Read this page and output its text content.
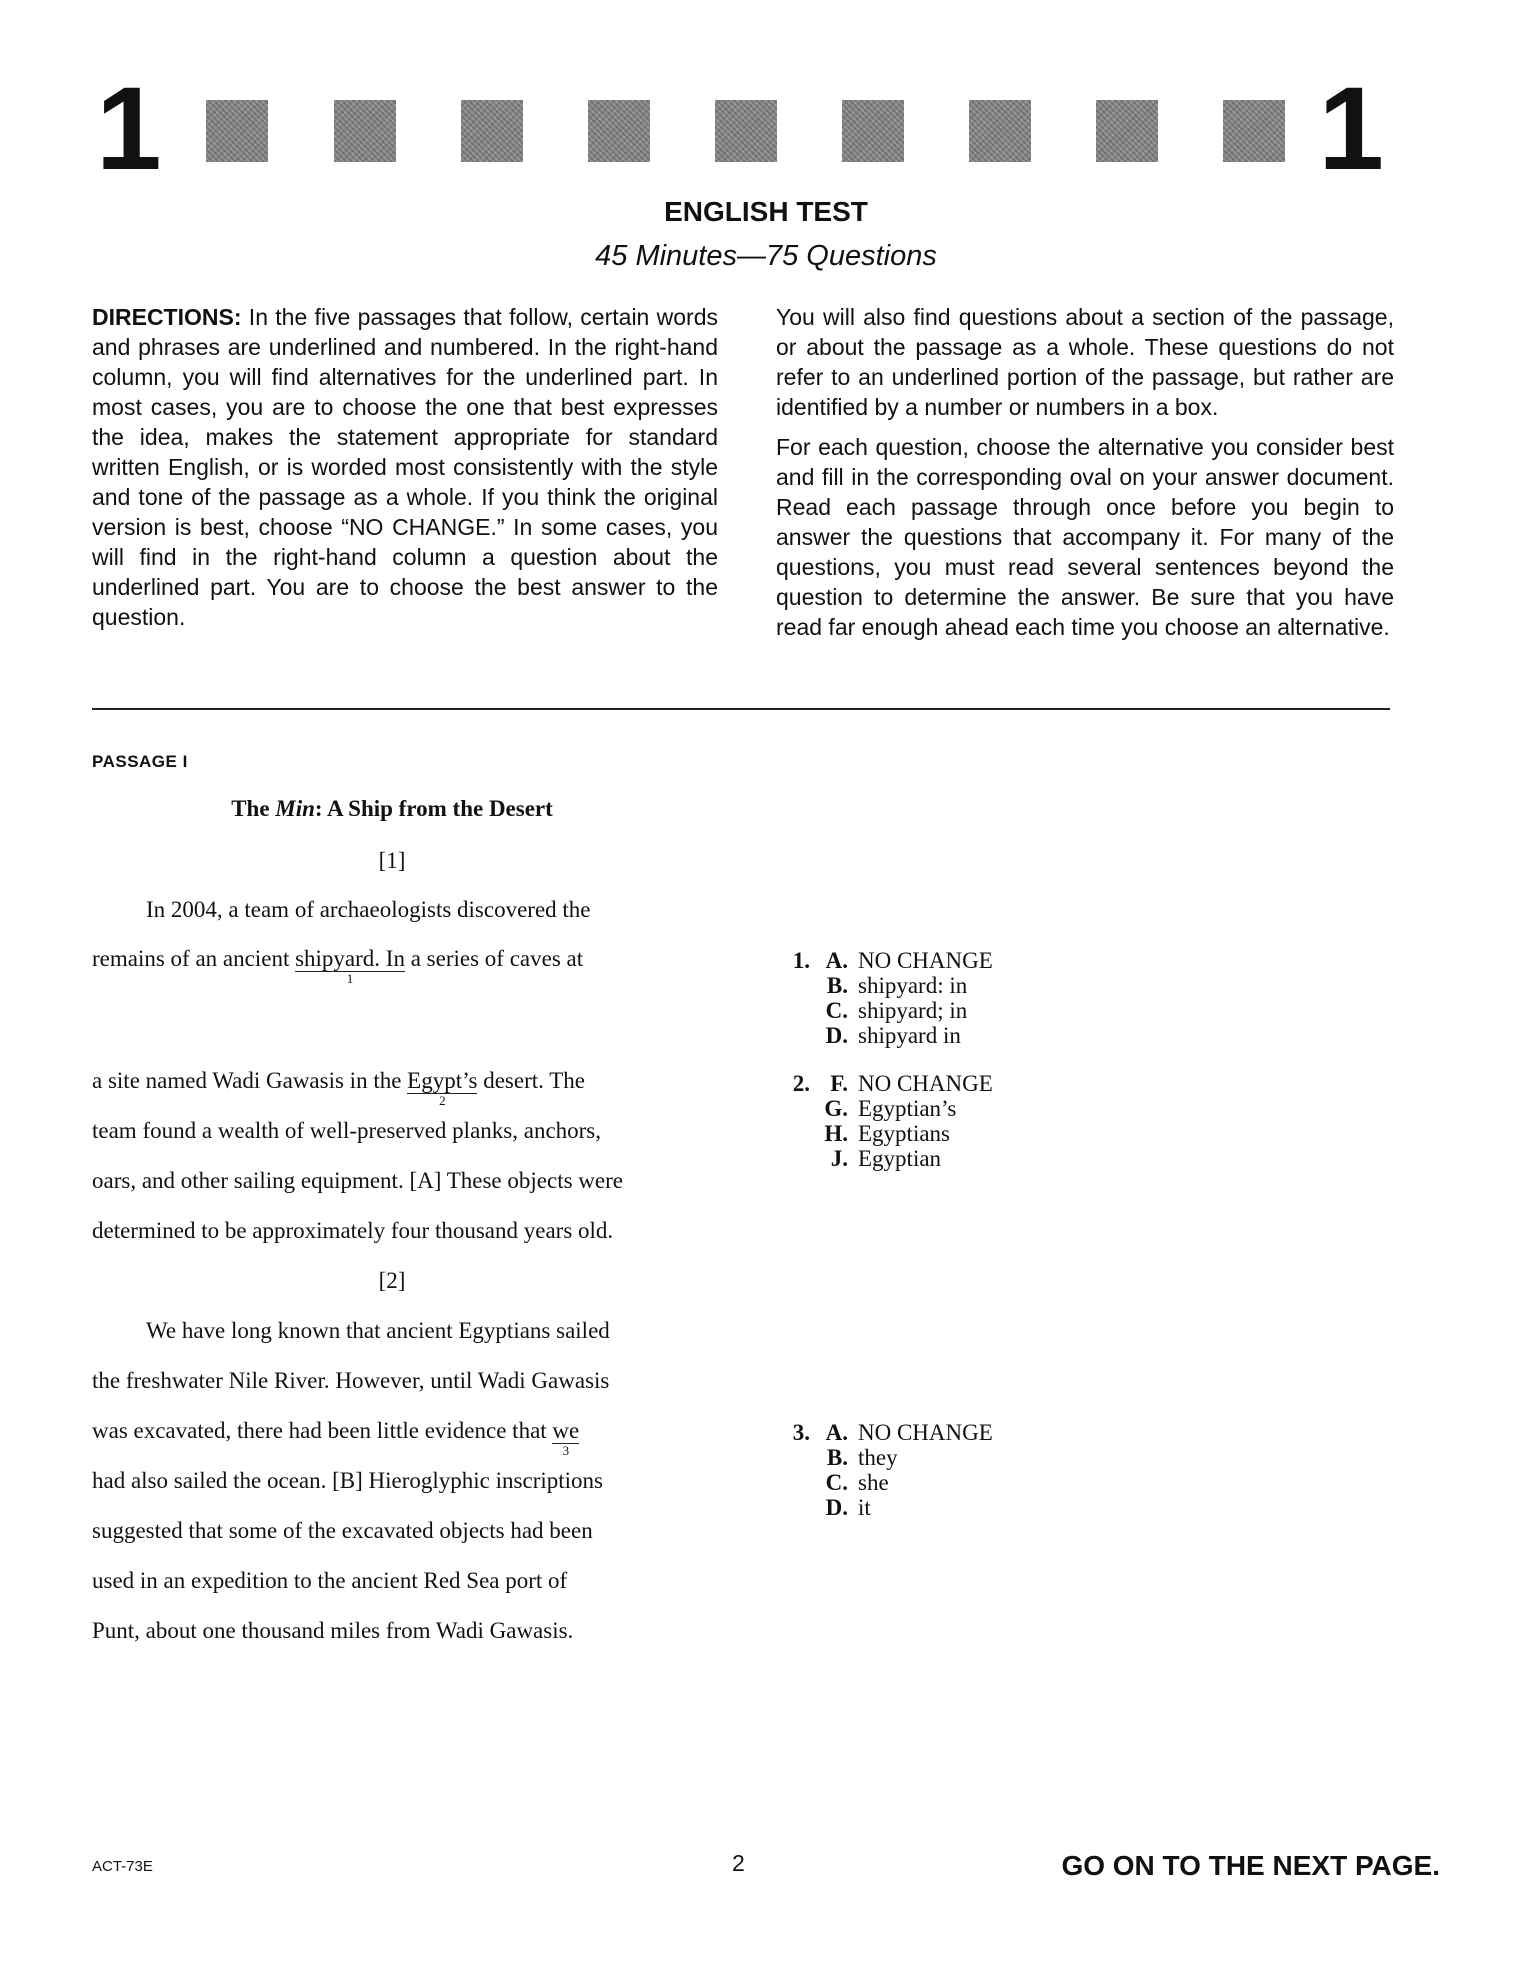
1	1
ENGLISH TEST
45 Minutes—75 Questions

DIRECTIONS: In the five passages that follow, certain words and phrases are underlined and numbered. In the right-hand column, you will find alternatives for the underlined part. In most cases, you are to choose the one that best expresses the idea, makes the statement appropriate for standard written English, or is worded most consistently with the style and tone of the passage as a whole. If you think the original version is best, choose “NO CHANGE.” In some cases, you will find in the right-hand column a question about the underlined part. You are to choose the best answer to the question.

You will also find questions about a section of the passage, or about the passage as a whole. These questions do not refer to an underlined portion of the passage, but rather are identified by a number or numbers in a box.

For each question, choose the alternative you consider best and fill in the corresponding oval on your answer document. Read each passage through once before you begin to answer the questions that accompany it. For many of the questions, you must read several sentences beyond the question to determine the answer. Be sure that you have read far enough ahead each time you choose an alternative.

PASSAGE I
The Min: A Ship from the Desert
[1]
In 2004, a team of archaeologists discovered the
remains of an ancient shipyard. In
1
a series of caves at
a site named Wadi Gawasis in the Egypt’s
2
desert. The
team found a wealth of well-preserved planks, anchors,
oars, and other sailing equipment. [A] These objects were
determined to be approximately four thousand years old.
[2]
We have long known that ancient Egyptians sailed
the freshwater Nile River. However, until Wadi Gawasis
was excavated, there had been little evidence that we
3
had also sailed the ocean. [B] Hieroglyphic inscriptions
suggested that some of the excavated objects had been
used in an expedition to the ancient Red Sea port of
Punt, about one thousand miles from Wadi Gawasis.
1. A. NO CHANGE
B. shipyard: in
C. shipyard; in
D. shipyard in
2. F. NO CHANGE
G. Egyptian’s
H. Egyptians
J. Egyptian
3. A. NO CHANGE
B. they
C. she
D. it
ACT-73E	2	GO ON TO THE NEXT PAGE.
